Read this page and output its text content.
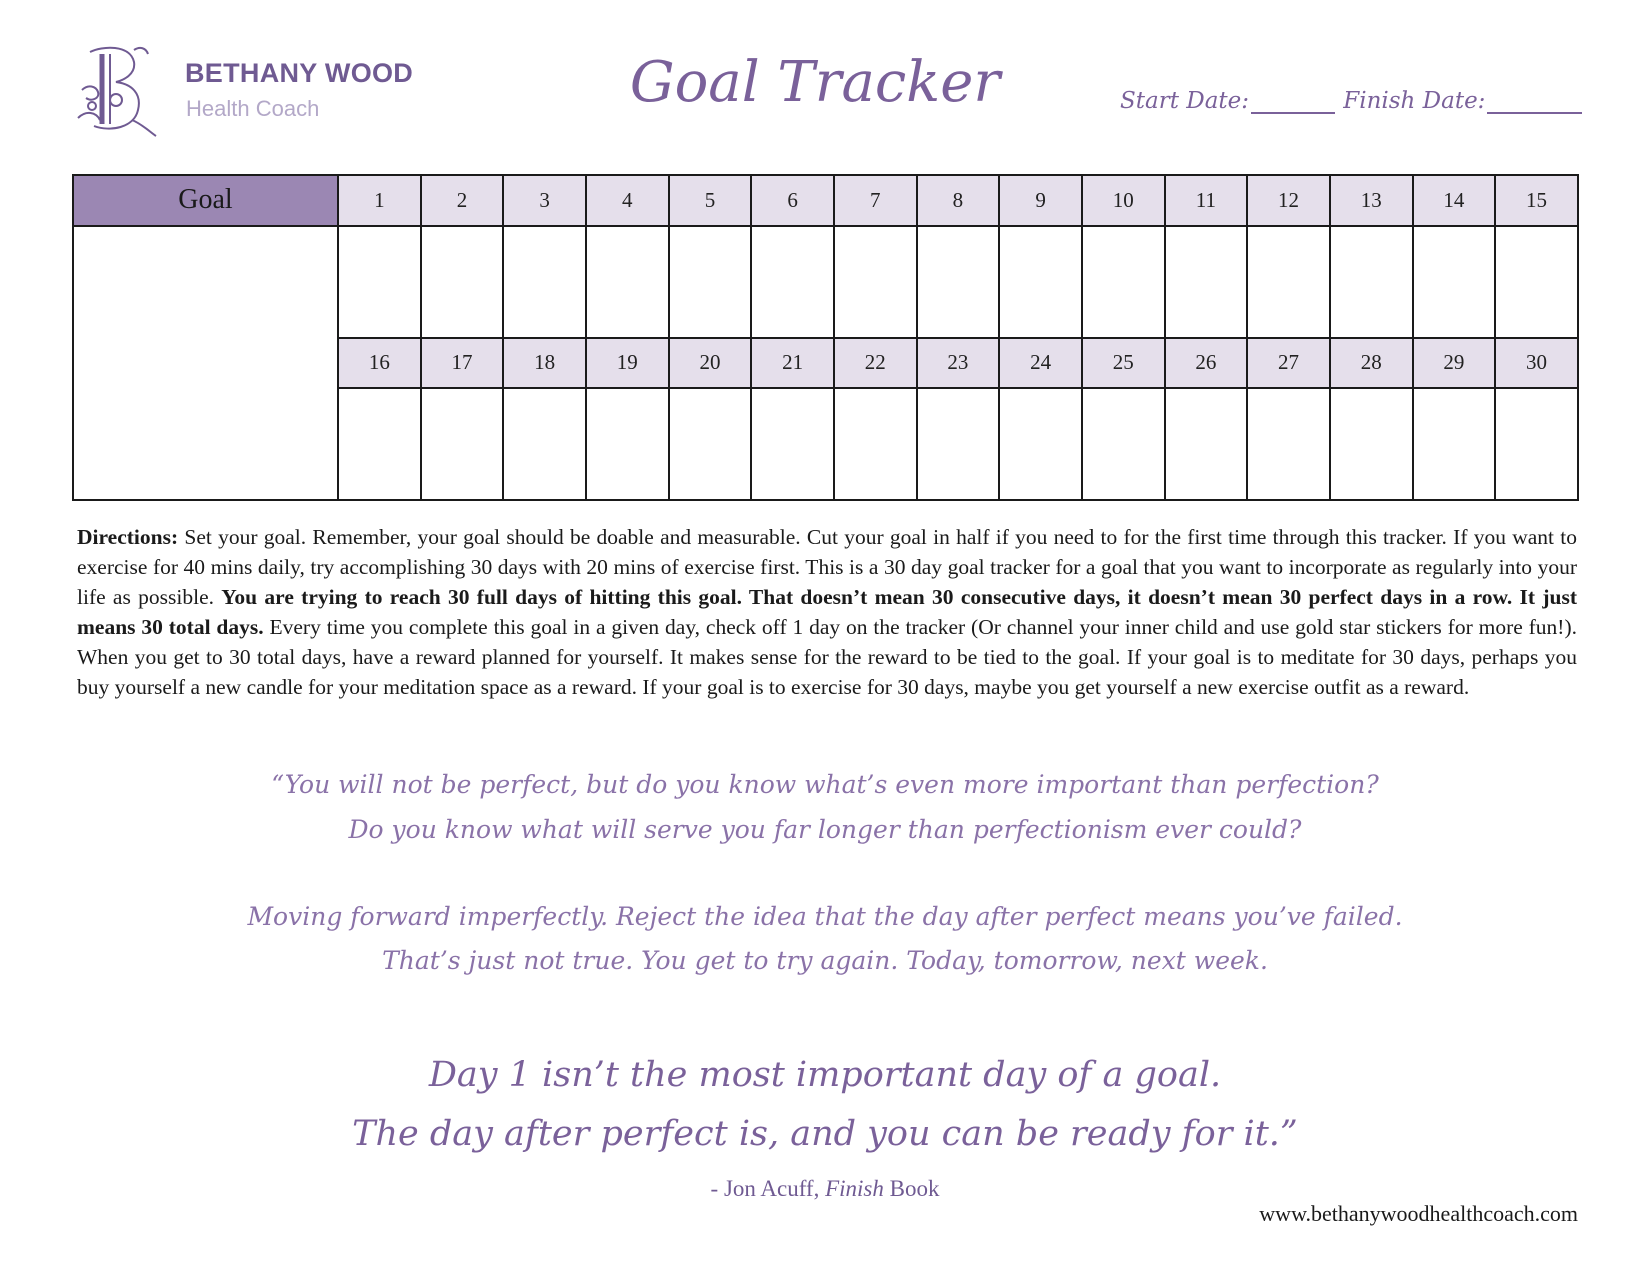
B
BETHANY WOOD
Health Coach	Goal Tracker	Start Date:	Finish Date:
Goal	1	2	3	4	5	6	7	8	9	10	11	12	13	14	15

	16	17	18	19	20	21	22	23	24	25	26	27	28	29	30

Directions: Set your goal. Remember, your goal should be doable and measurable. Cut your goal in half if you need to for the first time through this tracker. If you want to exercise for 40 mins daily, try accomplishing 30 days with 20 mins of exercise first. This is a 30 day goal tracker for a goal that you want to incorporate as regularly into your life as possible. You are trying to reach 30 full days of hitting this goal. That doesn’t mean 30 consecutive days, it doesn’t mean 30 perfect days in a row. It just means 30 total days. Every time you complete this goal in a given day, check off 1 day on the tracker (Or channel your inner child and use gold star stickers for more fun!). When you get to 30 total days, have a reward planned for yourself. It makes sense for the reward to be tied to the goal. If your goal is to meditate for 30 days, perhaps you buy yourself a new candle for your meditation space as a reward. If your goal is to exercise for 30 days, maybe you get yourself a new exercise outfit as a reward.
“You will not be perfect, but do you know what’s even more important than perfection?
Do you know what will serve you far longer than perfectionism ever could?
Moving forward imperfectly. Reject the idea that the day after perfect means you’ve failed.
That’s just not true. You get to try again. Today, tomorrow, next week.
Day 1 isn’t the most important day of a goal.
The day after perfect is, and you can be ready for it.”
- Jon Acuff, Finish Book
www.bethanywoodhealthcoach.com
